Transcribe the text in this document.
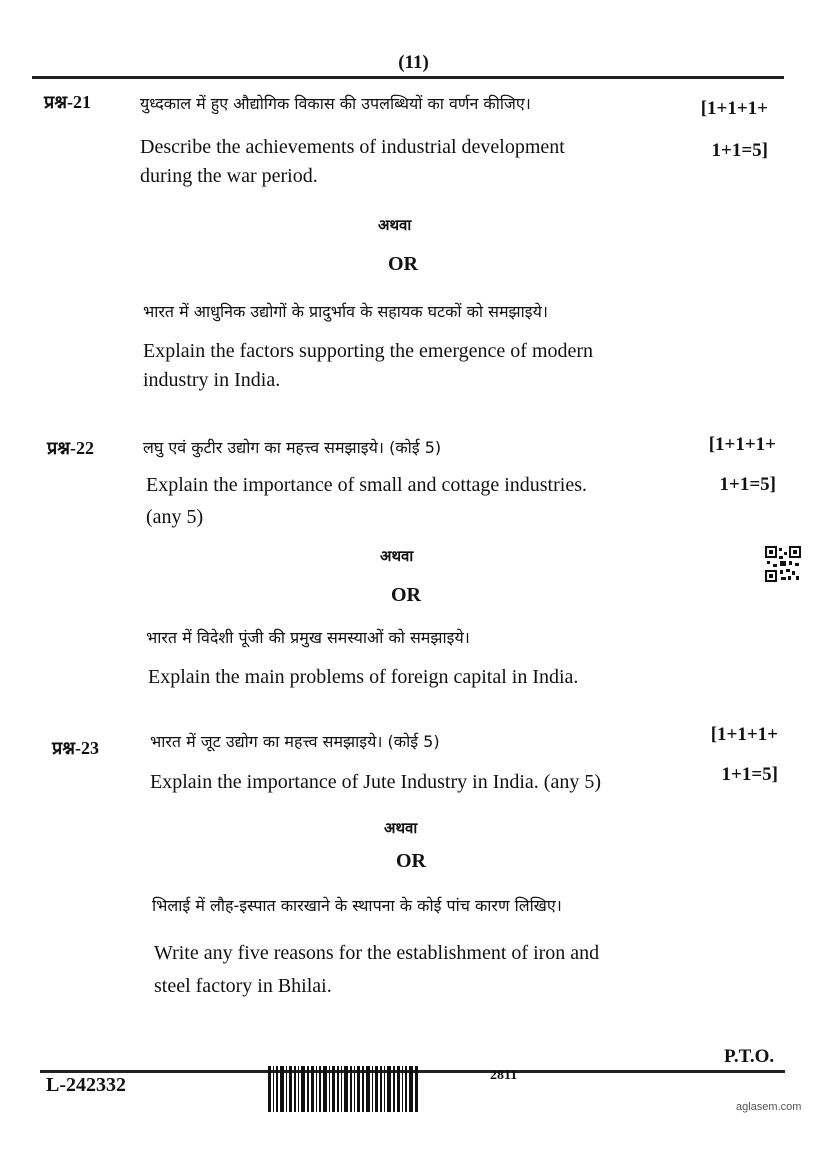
(11)
प्रश्न-21	युध्दकाल में हुए औद्योगिक विकास की उपलब्धियों का वर्णन कीजिए।	[1+1+1+
Describe the achievements of industrial development	1+1=5]
during the war period.
अथवा
OR
भारत में आधुनिक उद्योगों के प्रादुर्भाव के सहायक घटकों को समझाइये।
Explain the factors supporting the emergence of modern
industry in India.
प्रश्न-22	लघु एवं कुटीर उद्योग का महत्त्व समझाइये। (कोई 5)	[1+1+1+
Explain the importance of small and cottage industries.	1+1=5]
(any 5)
अथवा
OR
भारत में विदेशी पूंजी की प्रमुख समस्याओं को समझाइये।
Explain the main problems of foreign capital in India.
प्रश्न-23	भारत में जूट उद्योग का महत्त्व समझाइये। (कोई 5)	[1+1+1+
Explain the importance of Jute Industry in India. (any 5)	1+1=5]
अथवा
OR
भिलाई में लौह-इस्पात कारखाने के स्थापना के कोई पांच कारण लिखिए।
Write any five reasons for the establishment of iron and
steel factory in Bhilai.
P.T.O.
L-242332	2811
aglasem.com
